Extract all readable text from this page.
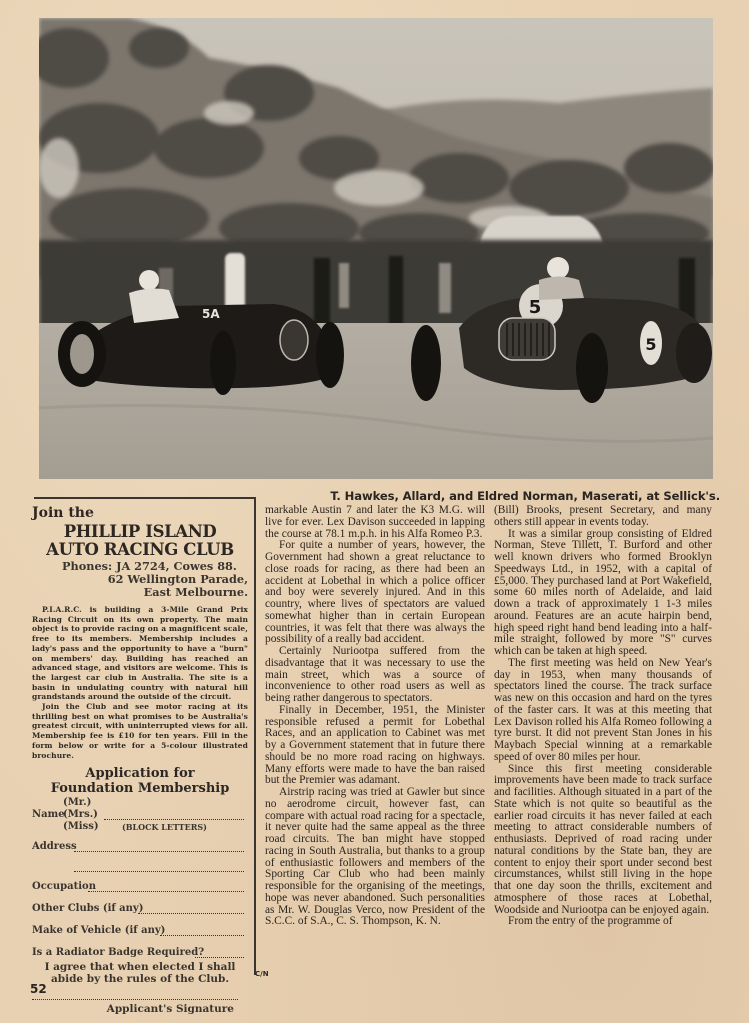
5A	5
5
T. Hawkes, Allard, and Eldred Norman, Maserati, at Sellick's.
Join the
PHILLIP ISLAND
AUTO RACING CLUB
Phones: JA 2724, Cowes 88.
62 Wellington Parade,
East Melbourne.

P.I.A.R.C. is building a 3-Mile Grand Prix Racing Circuit on its own property. The main object is to provide racing on a magnificent scale, free to its members. Membership includes a lady's pass and the opportunity to have a "burn" on members' day. Building has reached an advanced stage, and visitors are welcome. This is the largest car club in Australia. The site is a basin in undulating country with natural hill grandstands around the outside of the circuit.

Join the Club and see motor racing at its thrilling best on what promises to be Australia's greatest circuit, with uninterrupted views for all. Membership fee is £10 for ten years. Fill in the form below or write for a 5-colour illustrated brochure.

Application for
Foundation Membership
(Mr.)
(Mrs.)
(Miss)
Name
(BLOCK LETTERS)
Address
Occupation
Other Clubs (if any)
Make of Vehicle (if any)
Is a Radiator Badge Required?
I agree that when elected I shall abide by the rules of the Club.
Applicant's Signature
C/N
52

markable Austin 7 and later the K3 M.G. will live for ever. Lex Davison succeeded in lapping the course at 78.1 m.p.h. in his Alfa Romeo P.3.

For quite a number of years, however, the Government had shown a great reluctance to close roads for racing, as there had been an accident at Lobethal in which a police officer and boy were severely injured. And in this country, where lives of spectators are valued somewhat higher than in certain European countries, it was felt that there was always the possibility of a really bad accident.

Certainly Nuriootpa suffered from the disadvantage that it was necessary to use the main street, which was a source of inconvenience to other road users as well as being rather dangerous to spectators.

Finally in December, 1951, the Minister responsible refused a permit for Lobethal Races, and an application to Cabinet was met by a Government statement that in future there should be no more road racing on highways. Many efforts were made to have the ban raised but the Premier was adamant.

Airstrip racing was tried at Gawler but since no aerodrome circuit, however fast, can compare with actual road racing for a spectacle, it never quite had the same appeal as the three road circuits. The ban might have stopped racing in South Australia, but thanks to a group of enthusiastic followers and members of the Sporting Car Club who had been mainly responsible for the organising of the meetings, hope was never abandoned. Such personalities as Mr. W. Douglas Verco, now President of the S.C.C. of S.A., C. S. Thompson, K. N.

(Bill) Brooks, present Secretary, and many others still appear in events today.

It was a similar group consisting of Eldred Norman, Steve Tillett, T. Burford and other well known drivers who formed Brooklyn Speedways Ltd., in 1952, with a capital of £5,000. They purchased land at Port Wakefield, some 60 miles north of Adelaide, and laid down a track of approximately 1 1-3 miles around. Features are an acute hairpin bend, high speed right hand bend leading into a half-mile straight, followed by more "S" curves which can be taken at high speed.

The first meeting was held on New Year's day in 1953, when many thousands of spectators lined the course. The track surface was new on this occasion and hard on the tyres of the faster cars. It was at this meeting that Lex Davison rolled his Alfa Romeo following a tyre burst. It did not prevent Stan Jones in his Maybach Special winning at a remarkable speed of over 80 miles per hour.

Since this first meeting considerable improvements have been made to track surface and facilities. Although situated in a part of the State which is not quite so beautiful as the earlier road circuits it has never failed at each meeting to attract considerable numbers of enthusiasts. Deprived of road racing under natural conditions by the State ban, they are content to enjoy their sport under second best circumstances, whilst still living in the hope that one day soon the thrills, excitement and atmosphere of those races at Lobethal, Woodside and Nuriootpa can be enjoyed again.

From the entry of the programme of
